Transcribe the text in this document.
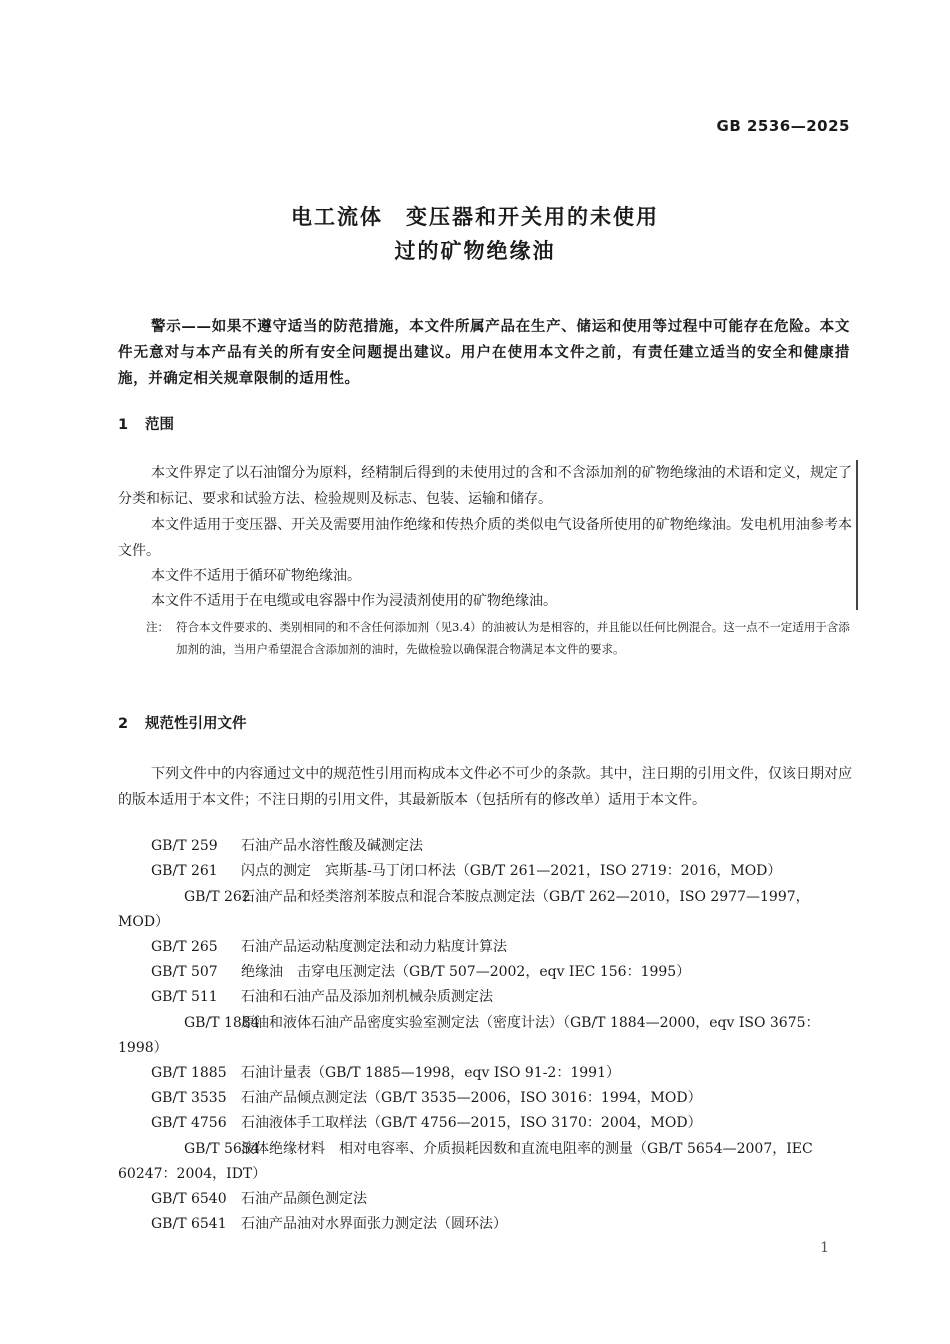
GB 2536—2025
电工流体　变压器和开关用的未使用
过的矿物绝缘油
警示——如果不遵守适当的防范措施，本文件所属产品在生产、储运和使用等过程中可能存在危险。本文件无意对与本产品有关的所有安全问题提出建议。用户在使用本文件之前，有责任建立适当的安全和健康措施，并确定相关规章限制的适用性。
1 范围
本文件界定了以石油馏分为原料，经精制后得到的未使用过的含和不含添加剂的矿物绝缘油的术语和定义，规定了分类和标记、要求和试验方法、检验规则及标志、包装、运输和储存。
本文件适用于变压器、开关及需要用油作绝缘和传热介质的类似电气设备所使用的矿物绝缘油。发电机用油参考本文件。
本文件不适用于循环矿物绝缘油。
本文件不适用于在电缆或电容器中作为浸渍剂使用的矿物绝缘油。
注： 符合本文件要求的、类别相同的和不含任何添加剂（见3.4）的油被认为是相容的，并且能以任何比例混合。这一点不一定适用于含添加剂的油，当用户希望混合含添加剂的油时，先做检验以确保混合物满足本文件的要求。
2 规范性引用文件
下列文件中的内容通过文中的规范性引用而构成本文件必不可少的条款。其中，注日期的引用文件，仅该日期对应的版本适用于本文件；不注日期的引用文件，其最新版本（包括所有的修改单）适用于本文件。
GB/T 259 石油产品水溶性酸及碱测定法
GB/T 261 闪点的测定　宾斯基-马丁闭口杯法（GB/T 261—2021，ISO 2719：2016，MOD）
GB/T 262石油产品和烃类溶剂苯胺点和混合苯胺点测定法（GB/T 262—2010，ISO 2977—1997，MOD）
GB/T 265 石油产品运动粘度测定法和动力粘度计算法
GB/T 507 绝缘油　击穿电压测定法（GB/T 507—2002，eqv IEC 156：1995）
GB/T 511 石油和石油产品及添加剂机械杂质测定法
GB/T 1884原油和液体石油产品密度实验室测定法（密度计法）（GB/T 1884—2000，eqv ISO 3675：1998）
GB/T 1885 石油计量表（GB/T 1885—1998，eqv ISO 91-2：1991）
GB/T 3535 石油产品倾点测定法（GB/T 3535—2006，ISO 3016：1994，MOD）
GB/T 4756 石油液体手工取样法（GB/T 4756—2015，ISO 3170：2004，MOD）
GB/T 5654液体绝缘材料　相对电容率、介质损耗因数和直流电阻率的测量（GB/T 5654—2007，IEC 60247：2004，IDT）
GB/T 6540 石油产品颜色测定法
GB/T 6541 石油产品油对水界面张力测定法（圆环法）
1
